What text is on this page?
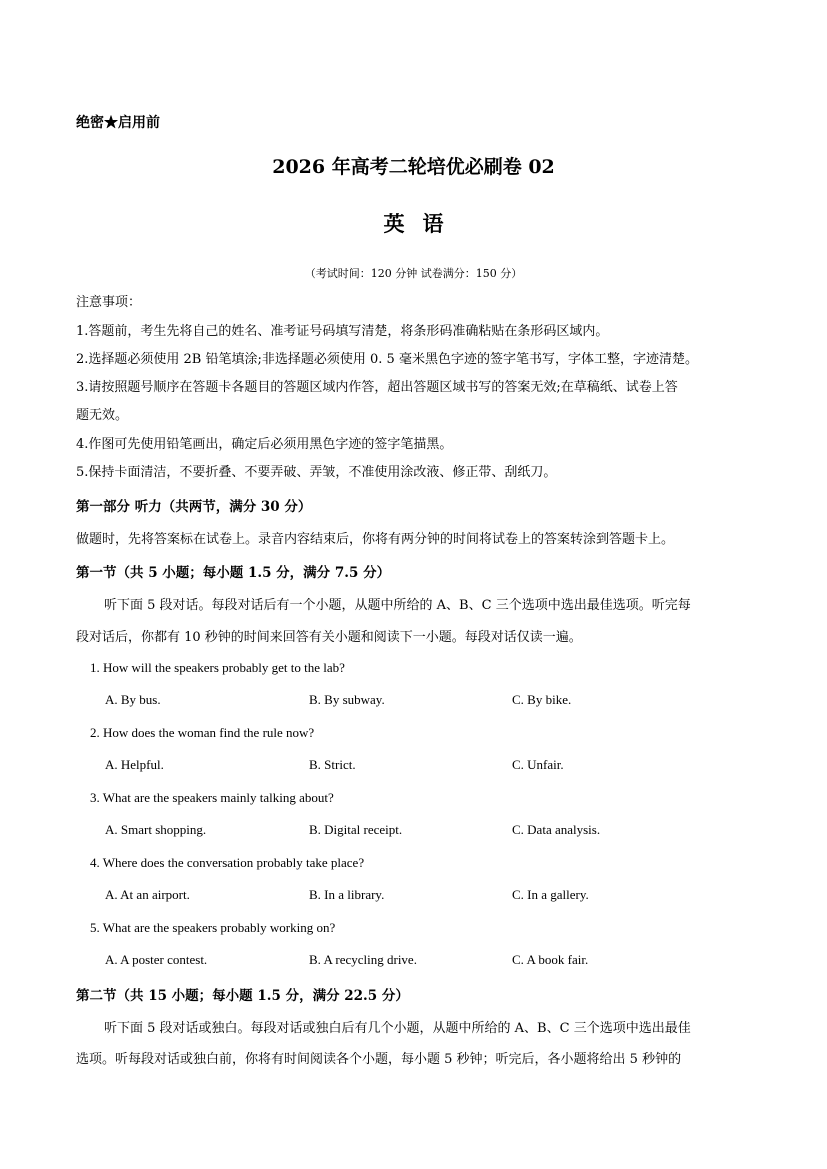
绝密★启用前
2026 年高考二轮培优必刷卷 02
英语
（考试时间：120 分钟 试卷满分：150 分）
注意事项：
1.答题前，考生先将自己的姓名、准考证号码填写清楚，将条形码准确粘贴在条形码区域内。
2.选择题必须使用 2B 铅笔填涂;非选择题必须使用 0. 5 毫米黑色字迹的签字笔书写，字体工整，字迹清楚。
3.请按照题号顺序在答题卡各题目的答题区域内作答，超出答题区域书写的答案无效;在草稿纸、试卷上答
题无效。
4.作图可先使用铅笔画出，确定后必须用黑色字迹的签字笔描黑。
5.保持卡面清洁，不要折叠、不要弄破、弄皱，不准使用涂改液、修正带、刮纸刀。
第一部分 听力（共两节，满分 30 分）
做题时，先将答案标在试卷上。录音内容结束后，你将有两分钟的时间将试卷上的答案转涂到答题卡上。
第一节（共 5 小题；每小题 1.5 分，满分 7.5 分）
听下面 5 段对话。每段对话后有一个小题，从题中所给的 A、B、C 三个选项中选出最佳选项。听完每
段对话后，你都有 10 秒钟的时间来回答有关小题和阅读下一小题。每段对话仅读一遍。
1. How will the speakers probably get to the lab?
A. By bus.	B. By subway.	C. By bike.
2. How does the woman find the rule now?
A. Helpful.	B. Strict.	C. Unfair.
3. What are the speakers mainly talking about?
A. Smart shopping.	B. Digital receipt.	C. Data analysis.
4. Where does the conversation probably take place?
A. At an airport.	B. In a library.	C. In a gallery.
5. What are the speakers probably working on?
A. A poster contest.	B. A recycling drive.	C. A book fair.
第二节（共 15 小题；每小题 1.5 分，满分 22.5 分）
听下面 5 段对话或独白。每段对话或独白后有几个小题，从题中所给的 A、B、C 三个选项中选出最佳
选项。听每段对话或独白前，你将有时间阅读各个小题，每小题 5 秒钟；听完后，各小题将给出 5 秒钟的
